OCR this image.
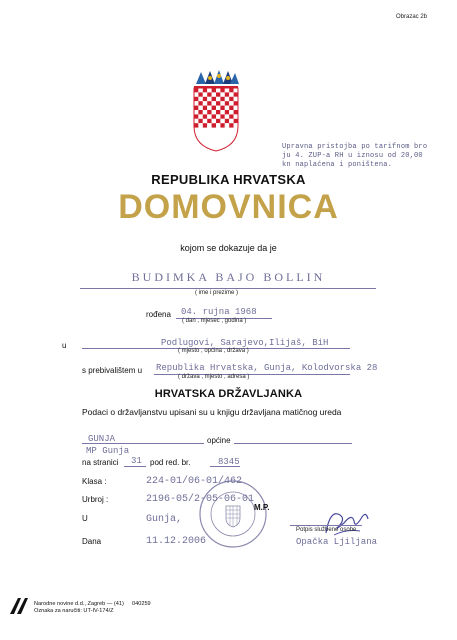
Obrazac 2b
Upravna pristojba po tarifnom bro
ju 4. ZUP-a RH u iznosu od 20,00
kn naplaćena i poništena.
REPUBLIKA HRVATSKA
DOMOVNICA
kojom se dokazuje da je
BUDIMKA BAJO BOLLIN
( ime i prezime )
rođena 04. rujna 1968
( dan , mjesec , godina )
u	Podlugovi, Sarajevo,Ilijaš, BiH
( mjesto , općina , država )
s prebivalištem u Republika Hrvatska, Gunja, Kolodvorska 28
( država , mjesto , adresa )
HRVATSKA DRŽAVLJANKA
Podaci o državljanstvu upisani su u knjigu državljana matičnog ureda
GUNJA	općine
MP Gunja
na stranici 31 pod red. br.	8345
Klasa :	224-01/06-01/462
Urbroj :	2196-05/2-05-06-01
M.P.
U	Gunja,
Potpis službene osobe
Dana	11.12.2006	Opačka Ljiljana
Narodne novine d.d., Zagreb — (41)
Oznaka za naručiti: UT-IV-174/Z
040259
